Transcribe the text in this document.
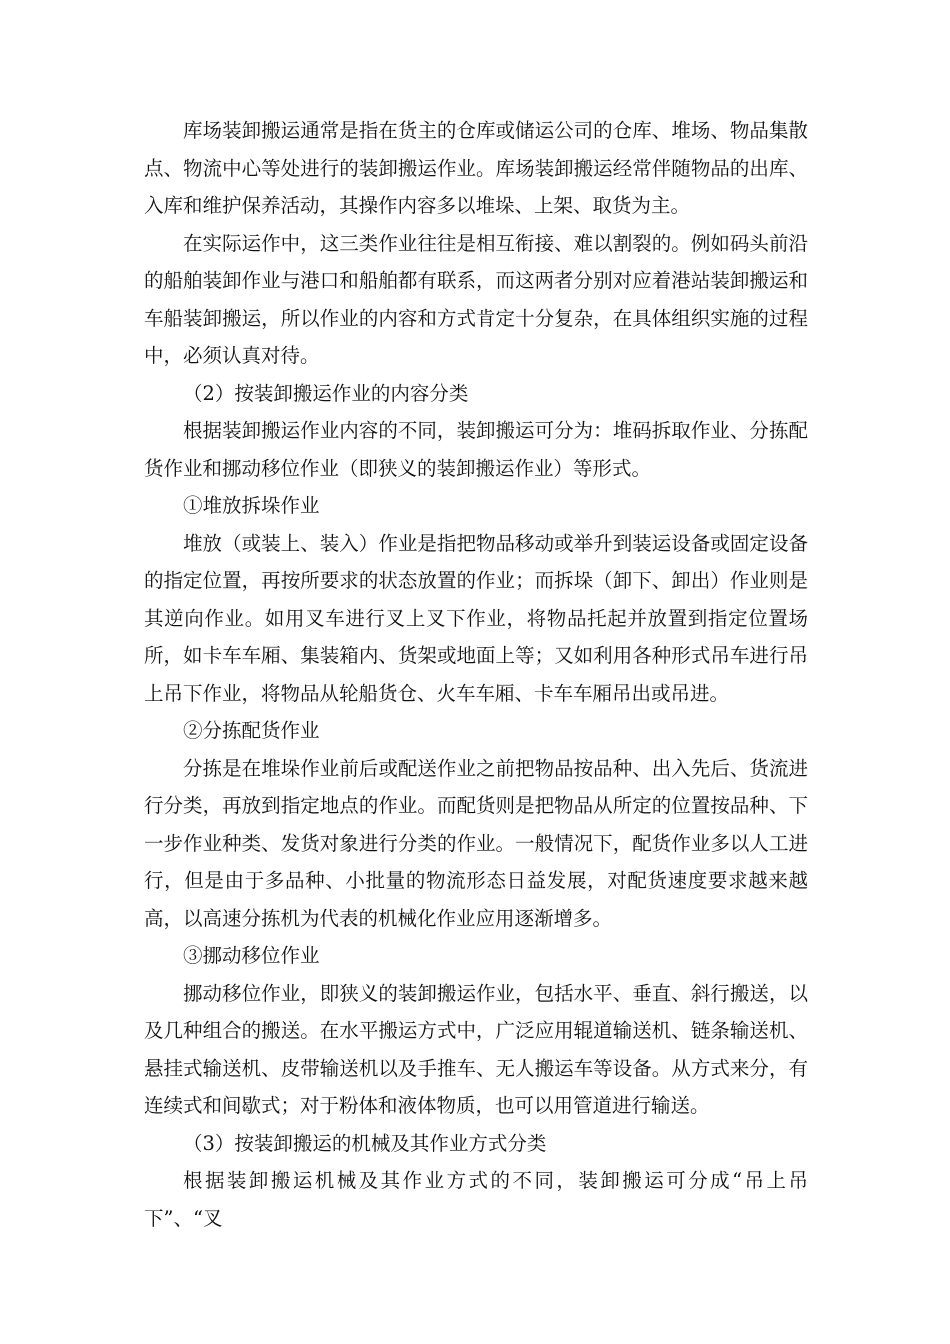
库场装卸搬运通常是指在货主的仓库或储运公司的仓库、堆场、物品集散点、物流中心等处进行的装卸搬运作业。库场装卸搬运经常伴随物品的出库、入库和维护保养活动，其操作内容多以堆垛、上架、取货为主。

在实际运作中，这三类作业往往是相互衔接、难以割裂的。例如码头前沿的船舶装卸作业与港口和船舶都有联系，而这两者分别对应着港站装卸搬运和车船装卸搬运，所以作业的内容和方式肯定十分复杂，在具体组织实施的过程中，必须认真对待。

（2）按装卸搬运作业的内容分类

根据装卸搬运作业内容的不同，装卸搬运可分为：堆码拆取作业、分拣配货作业和挪动移位作业（即狭义的装卸搬运作业）等形式。

①堆放拆垛作业

堆放（或装上、装入）作业是指把物品移动或举升到装运设备或固定设备的指定位置，再按所要求的状态放置的作业；而拆垛（卸下、卸出）作业则是其逆向作业。如用叉车进行叉上叉下作业，将物品托起并放置到指定位置场所，如卡车车厢、集装箱内、货架或地面上等；又如利用各种形式吊车进行吊上吊下作业，将物品从轮船货仓、火车车厢、卡车车厢吊出或吊进。

②分拣配货作业

分拣是在堆垛作业前后或配送作业之前把物品按品种、出入先后、货流进行分类，再放到指定地点的作业。而配货则是把物品从所定的位置按品种、下一步作业种类、发货对象进行分类的作业。一般情况下，配货作业多以人工进行，但是由于多品种、小批量的物流形态日益发展，对配货速度要求越来越高，以高速分拣机为代表的机械化作业应用逐渐增多。

③挪动移位作业

挪动移位作业，即狭义的装卸搬运作业，包括水平、垂直、斜行搬送，以及几种组合的搬送。在水平搬运方式中，广泛应用辊道输送机、链条输送机、悬挂式输送机、皮带输送机以及手推车、无人搬运车等设备。从方式来分，有连续式和间歇式；对于粉体和液体物质，也可以用管道进行输送。

（3）按装卸搬运的机械及其作业方式分类

根据装卸搬运机械及其作业方式的不同，装卸搬运可分成“吊上吊下”、“叉
